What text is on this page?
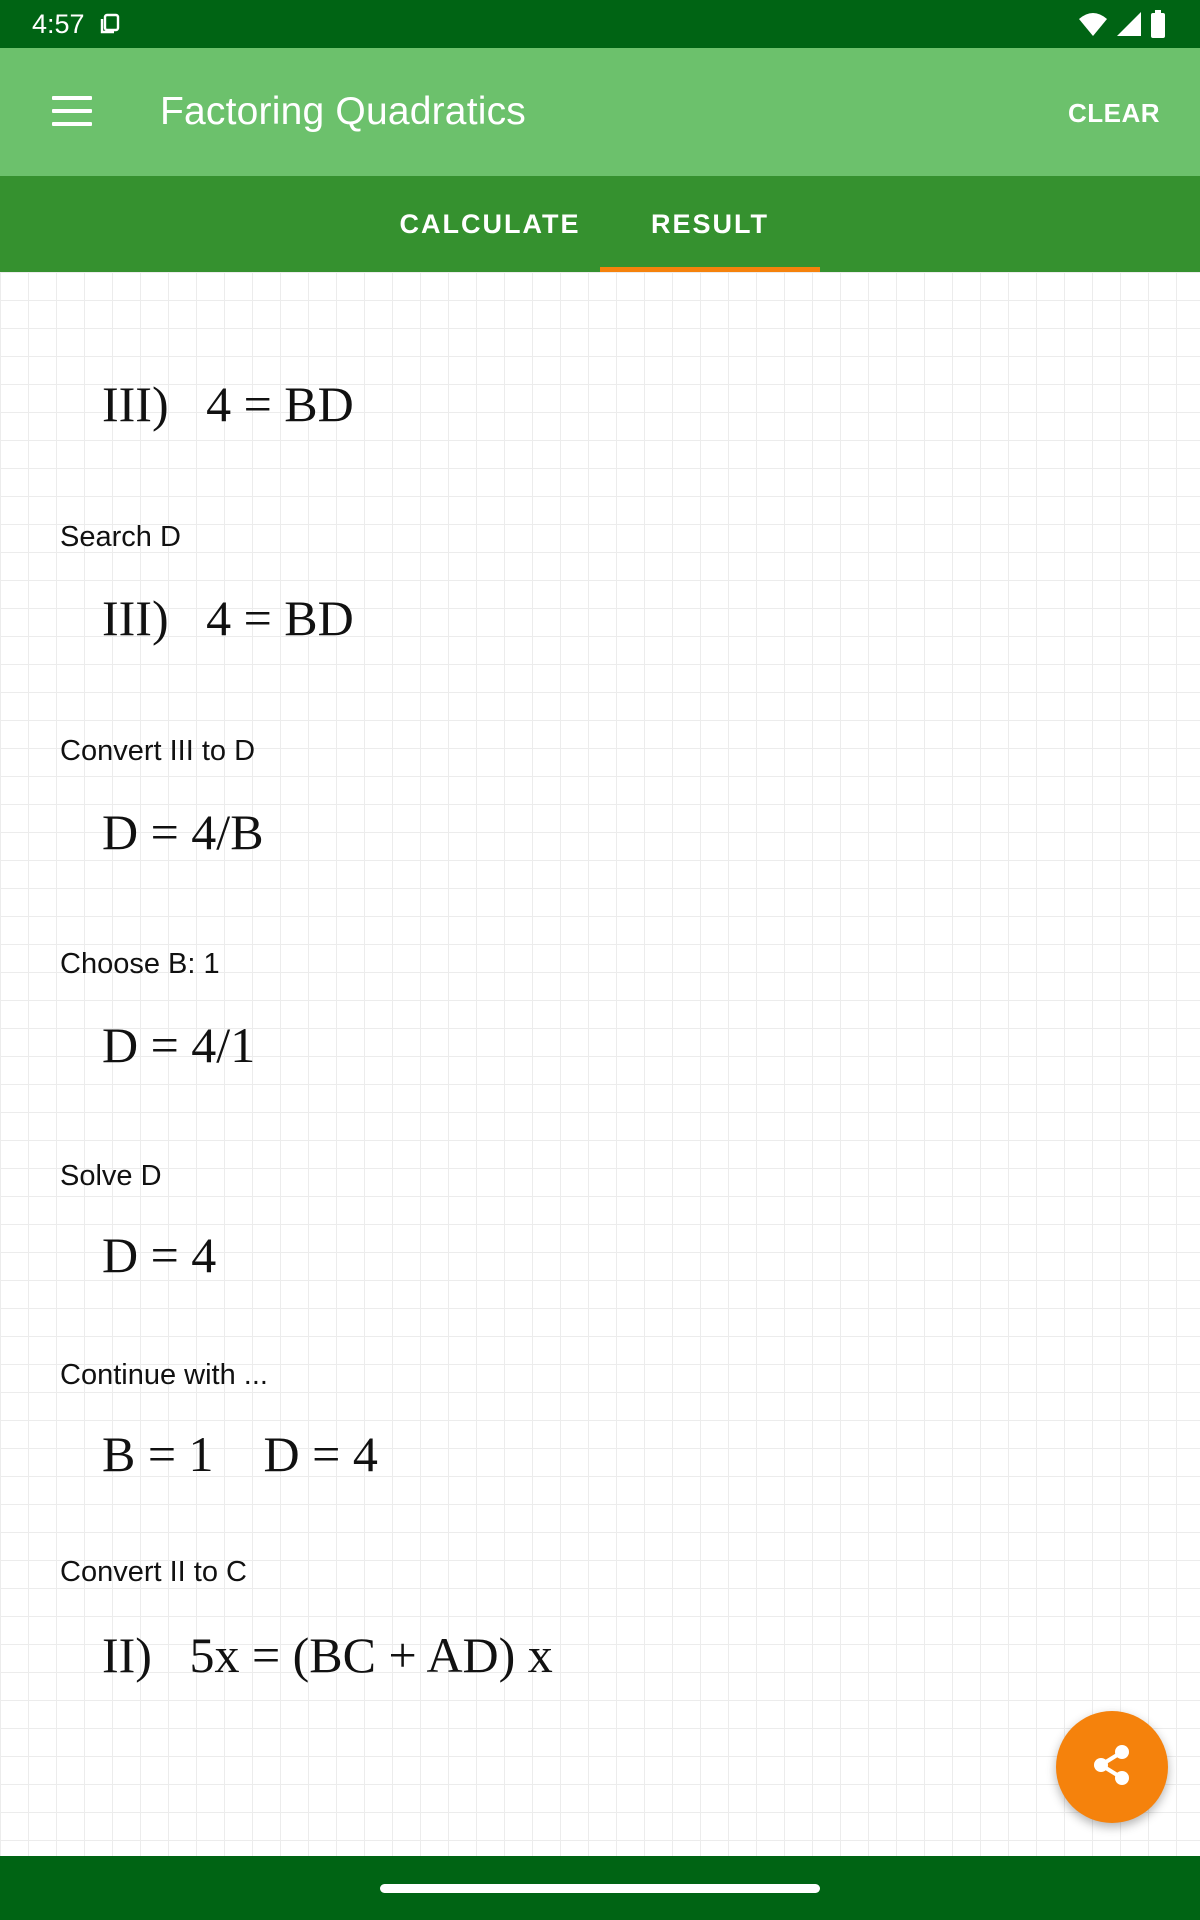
4:57
Factoring Quadratics	CLEAR
CALCULATE	RESULT
III)   4 = BD
Search D
III)   4 = BD
Convert III to D
D = 4/B
Choose B: 1
D = 4/1
Solve D
D = 4
Continue with ...
B = 1    D = 4
Convert II to C
II)   5x = (BC + AD) x
